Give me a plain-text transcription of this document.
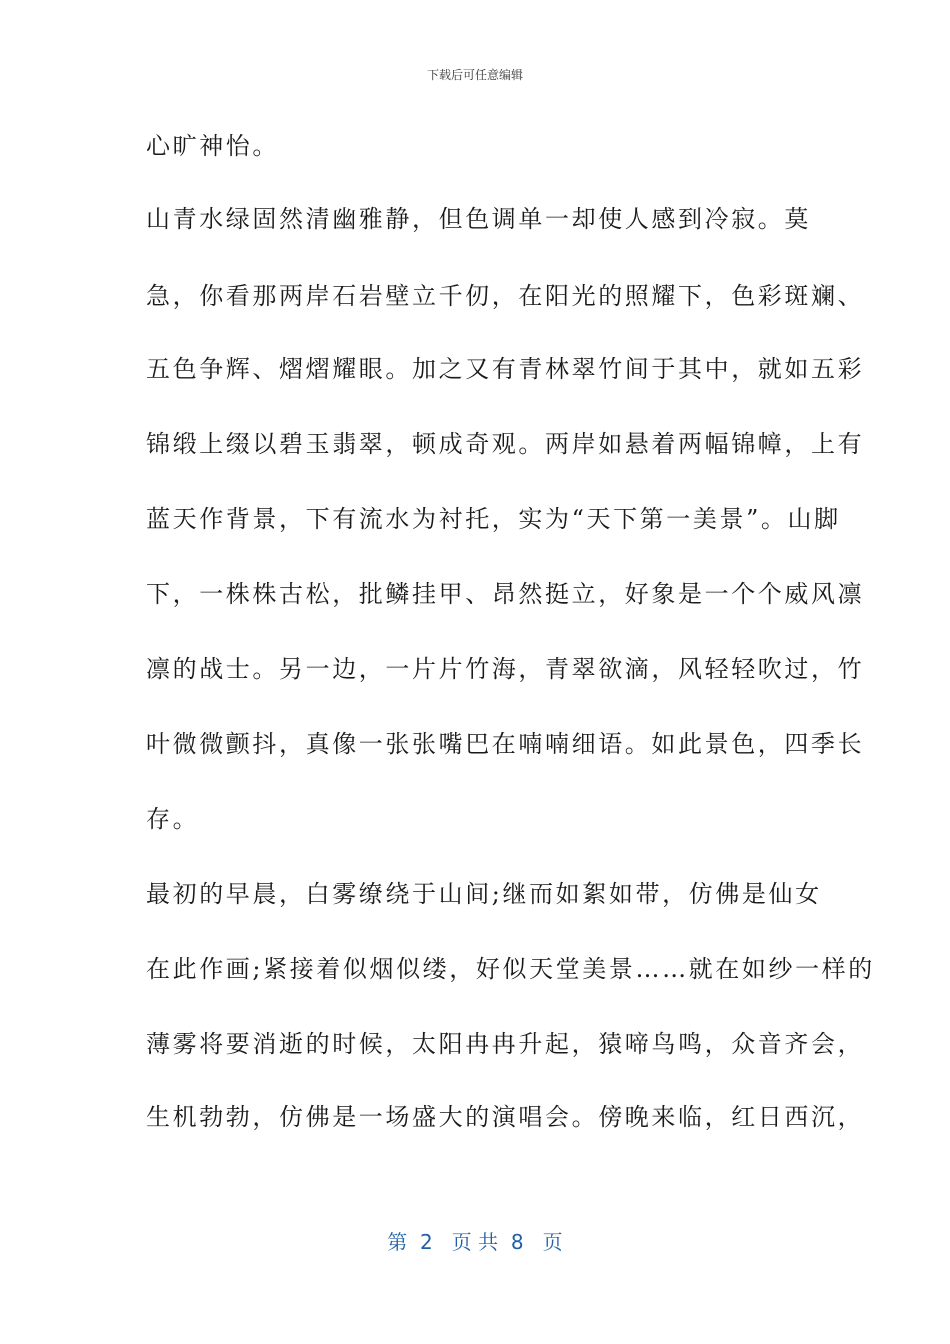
下载后可任意编辑
心旷神怡。
山青水绿固然清幽雅静，但色调单一却使人感到冷寂。莫
急，你看那两岸石岩壁立千仞，在阳光的照耀下，色彩斑斓、
五色争辉、熠熠耀眼。加之又有青林翠竹间于其中，就如五彩
锦缎上缀以碧玉翡翠，顿成奇观。两岸如悬着两幅锦幛，上有
蓝天作背景，下有流水为衬托，实为“天下第一美景”。山脚
下，一株株古松，批鳞挂甲、昂然挺立，好象是一个个威风凛
凛的战士。另一边，一片片竹海，青翠欲滴，风轻轻吹过，竹
叶微微颤抖，真像一张张嘴巴在喃喃细语。如此景色，四季长
存。
最初的早晨，白雾缭绕于山间;继而如絮如带，仿佛是仙女
在此作画;紧接着似烟似缕，好似天堂美景……就在如纱一样的
薄雾将要消逝的时候，太阳冉冉升起，猿啼鸟鸣，众音齐会，
生机勃勃，仿佛是一场盛大的演唱会。傍晚来临，红日西沉，
第  2   页 共  8   页
